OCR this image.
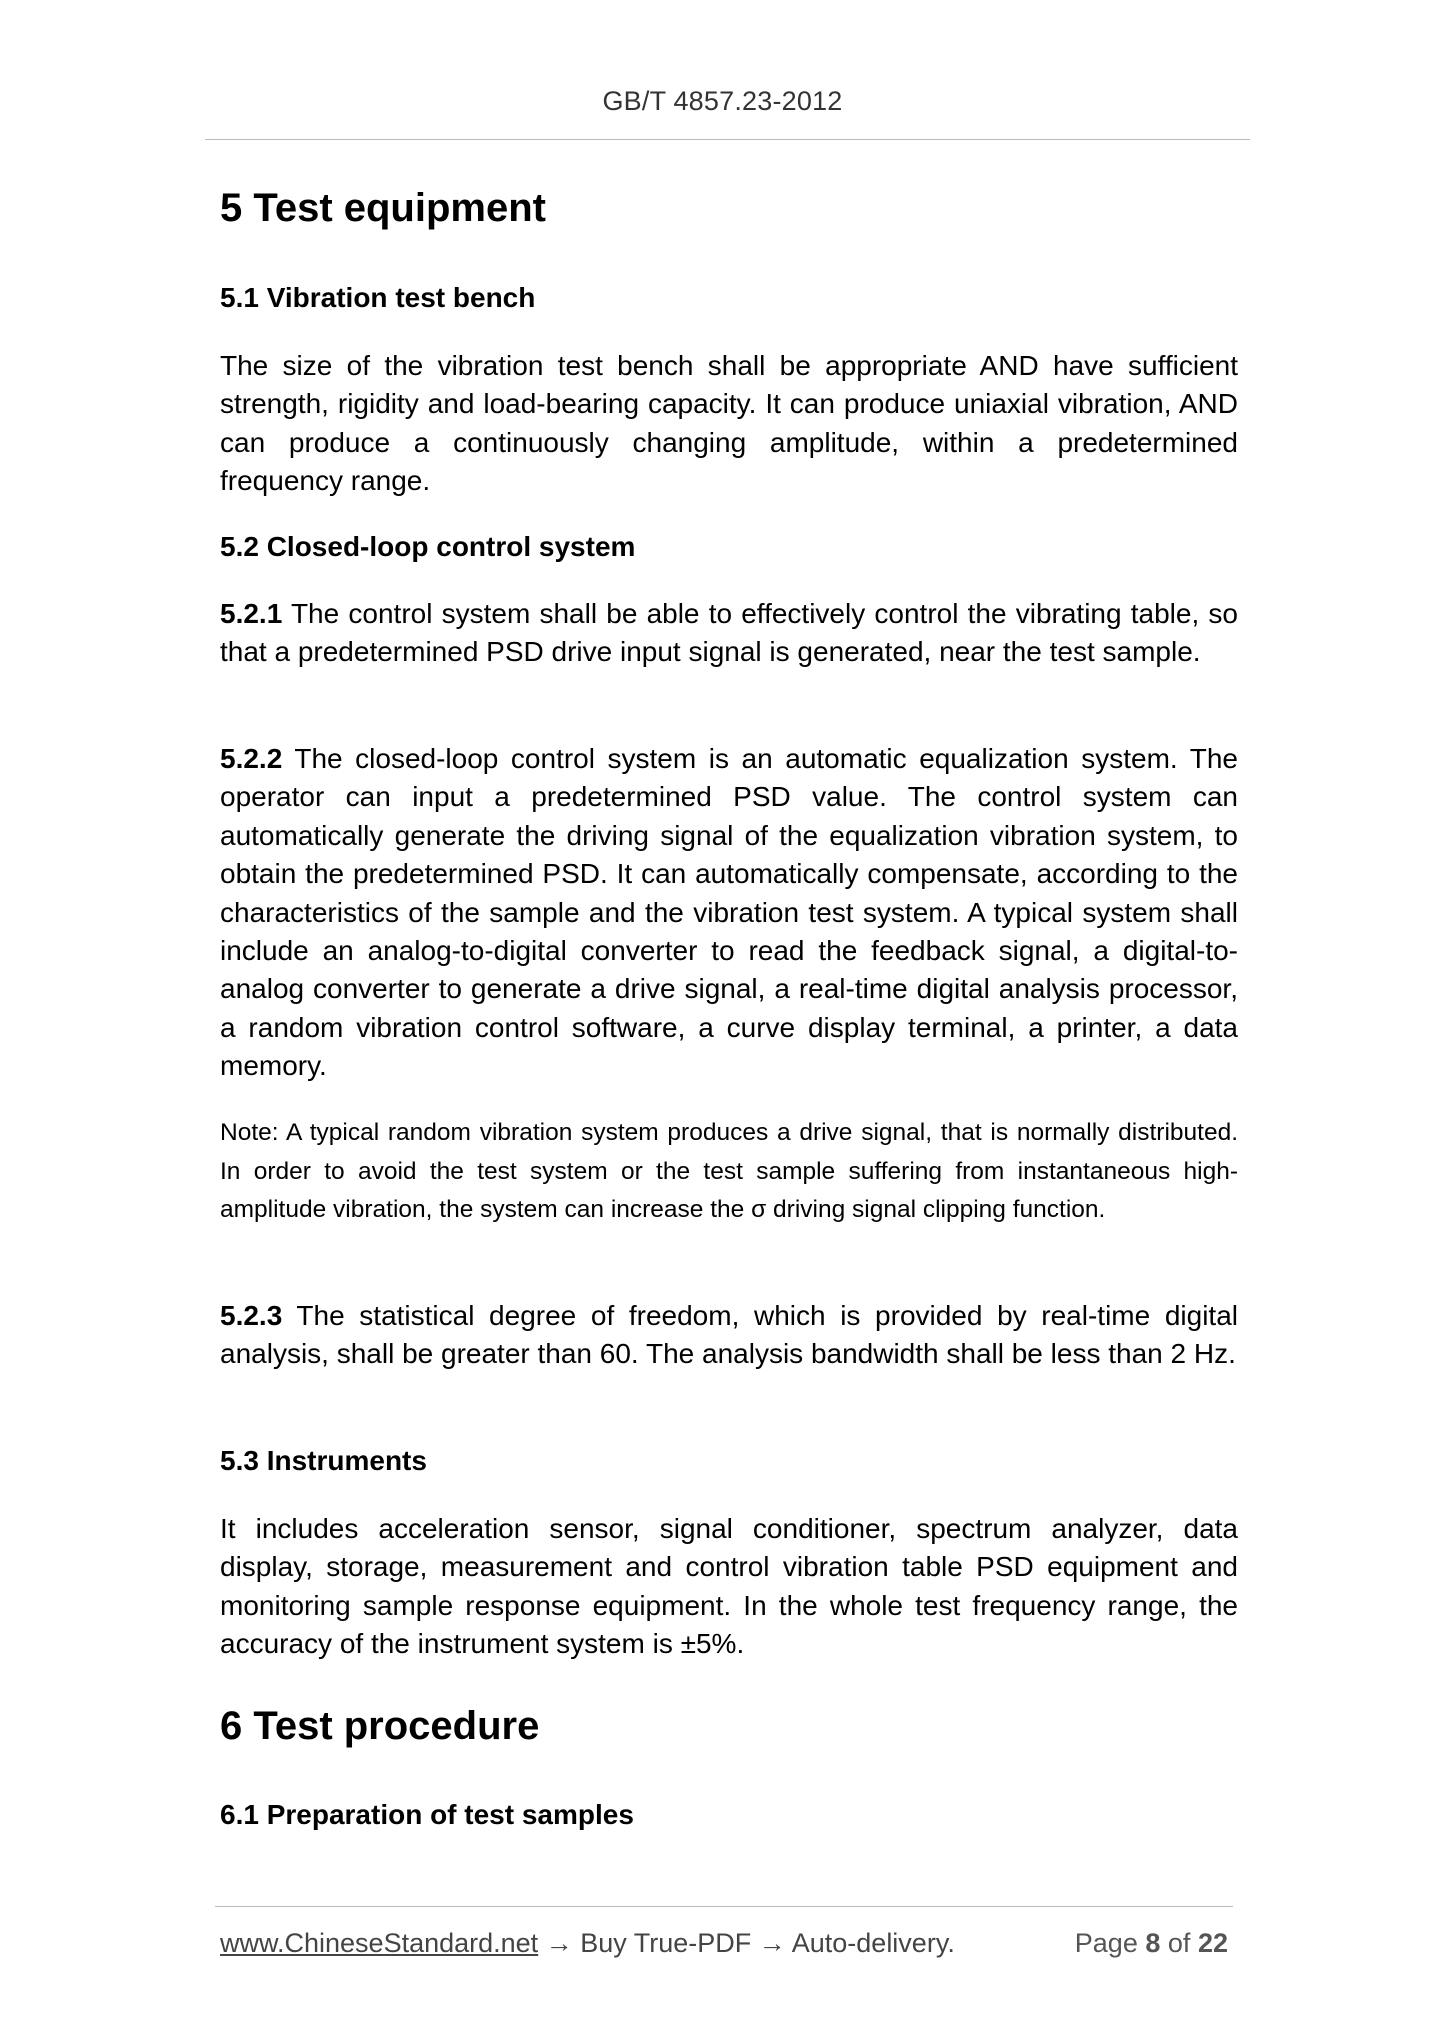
GB/T 4857.23-2012
5 Test equipment
5.1 Vibration test bench

The size of the vibration test bench shall be appropriate AND have sufficient strength, rigidity and load-bearing capacity. It can produce uniaxial vibration, AND can produce a continuously changing amplitude, within a predetermined frequency range.

5.2 Closed-loop control system

5.2.1 The control system shall be able to effectively control the vibrating table, so that a predetermined PSD drive input signal is generated, near the test sample.

5.2.2 The closed-loop control system is an automatic equalization system. The operator can input a predetermined PSD value. The control system can automatically generate the driving signal of the equalization vibration system, to obtain the predetermined PSD. It can automatically compensate, according to the characteristics of the sample and the vibration test system. A typical system shall include an analog-to-digital converter to read the feedback signal, a digital-to-analog converter to generate a drive signal, a real-time digital analysis processor, a random vibration control software, a curve display terminal, a printer, a data memory.

Note: A typical random vibration system produces a drive signal, that is normally distributed. In order to avoid the test system or the test sample suffering from instantaneous high-amplitude vibration, the system can increase the σ driving signal clipping function.

5.2.3 The statistical degree of freedom, which is provided by real-time digital analysis, shall be greater than 60. The analysis bandwidth shall be less than 2 Hz.

5.3 Instruments

It includes acceleration sensor, signal conditioner, spectrum analyzer, data display, storage, measurement and control vibration table PSD equipment and monitoring sample response equipment. In the whole test frequency range, the accuracy of the instrument system is ±5%.

6 Test procedure
6.1 Preparation of test samples
www.ChineseStandard.net → Buy True-PDF → Auto-delivery.	Page 8 of 22
